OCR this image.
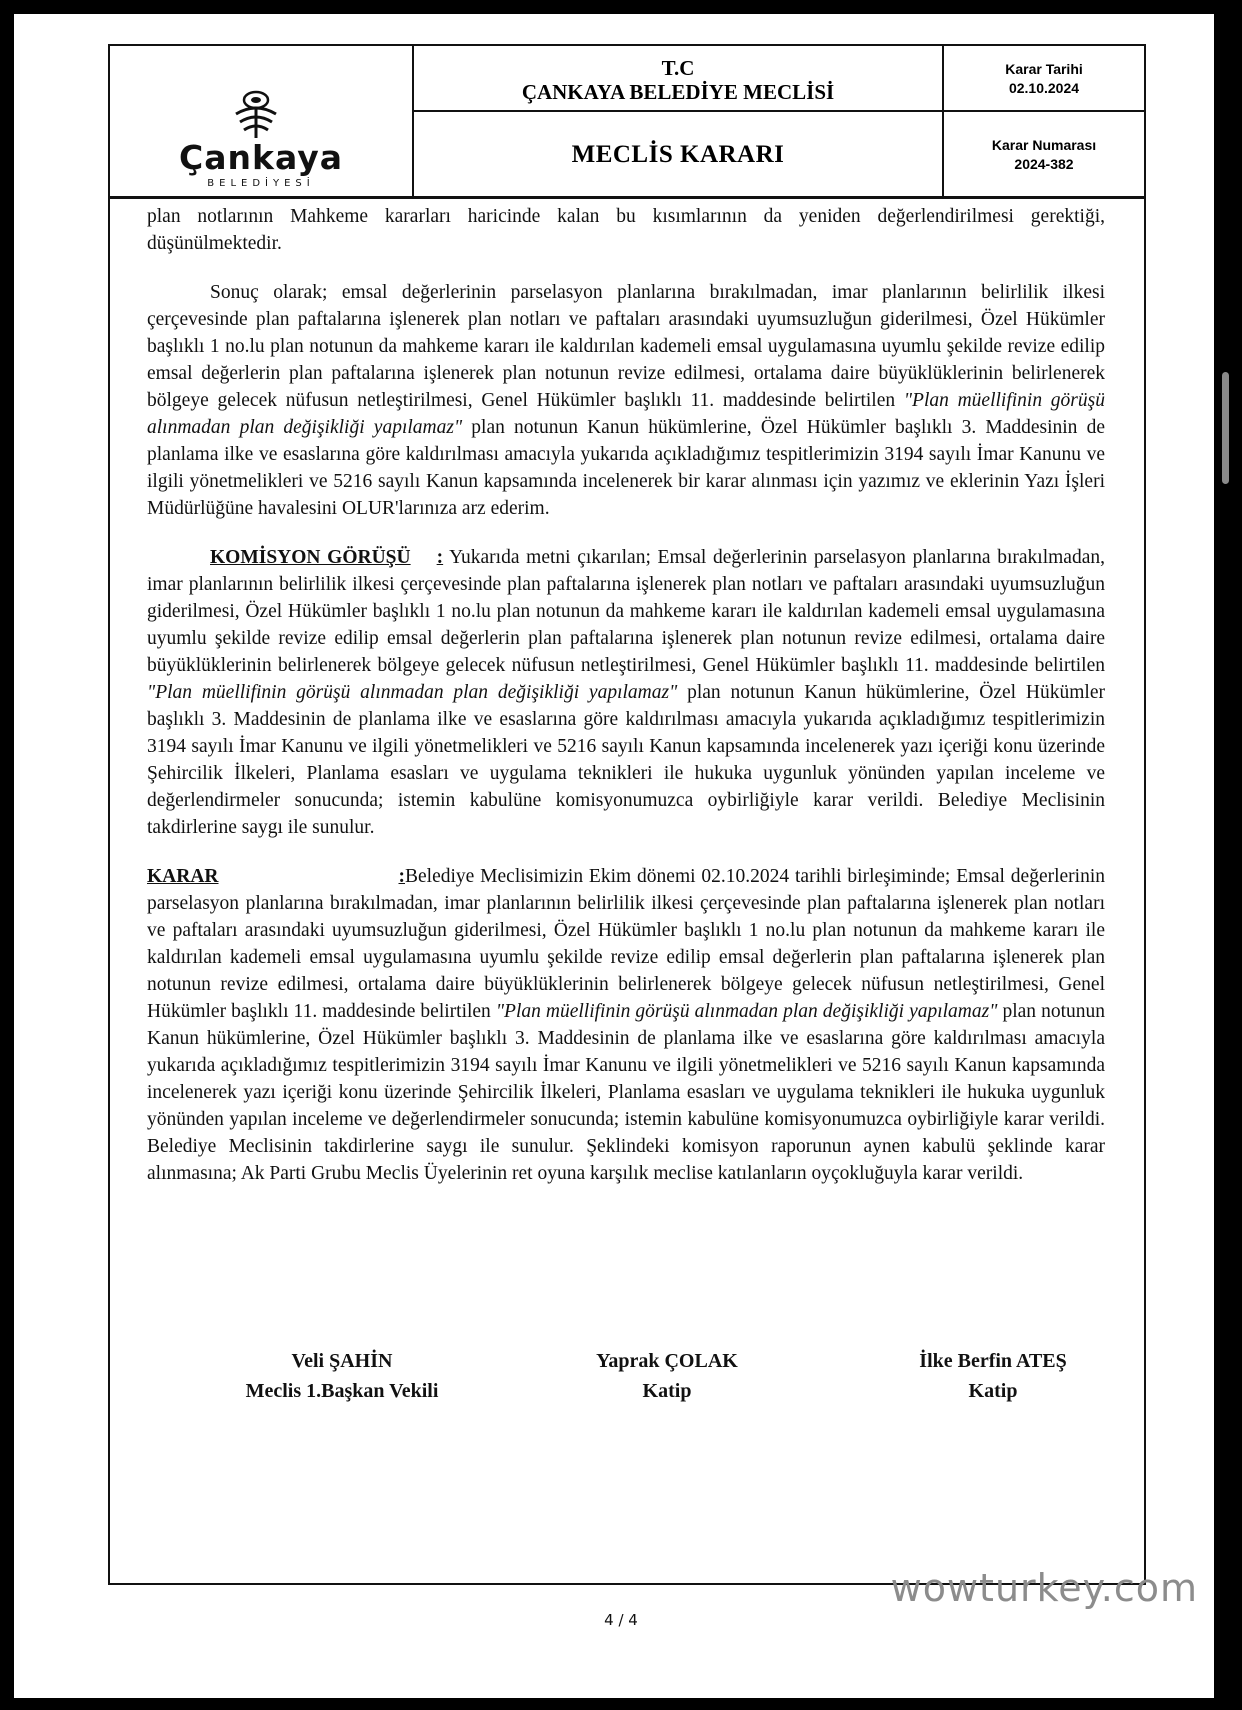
Çankaya
BELEDİYESİ
T.C
ÇANKAYA BELEDİYE MECLİSİ
MECLİS KARARI
Karar Tarihi
02.10.2024
Karar Numarası
2024-382

plan notlarının Mahkeme kararları haricinde kalan bu kısımlarının da yeniden değerlendirilmesi gerektiği, düşünülmektedir.

Sonuç olarak; emsal değerlerinin parselasyon planlarına bırakılmadan, imar planlarının belirlilik ilkesi çerçevesinde plan paftalarına işlenerek plan notları ve paftaları arasındaki uyumsuzluğun giderilmesi, Özel Hükümler başlıklı 1 no.lu plan notunun da mahkeme kararı ile kaldırılan kademeli emsal uygulamasına uyumlu şekilde revize edilip emsal değerlerin plan paftalarına işlenerek plan notunun revize edilmesi, ortalama daire büyüklüklerinin belirlenerek bölgeye gelecek nüfusun netleştirilmesi, Genel Hükümler başlıklı 11. maddesinde belirtilen "Plan müellifinin görüşü alınmadan plan değişikliği yapılamaz" plan notunun Kanun hükümlerine, Özel Hükümler başlıklı 3. Maddesinin de planlama ilke ve esaslarına göre kaldırılması amacıyla yukarıda açıkladığımız tespitlerimizin 3194 sayılı İmar Kanunu ve ilgili yönetmelikleri ve 5216 sayılı Kanun kapsamında incelenerek bir karar alınması için yazımız ve eklerinin Yazı İşleri Müdürlüğüne havalesini OLUR'larınıza arz ederim.

KOMİSYON GÖRÜŞÜ : Yukarıda metni çıkarılan; Emsal değerlerinin parselasyon planlarına bırakılmadan, imar planlarının belirlilik ilkesi çerçevesinde plan paftalarına işlenerek plan notları ve paftaları arasındaki uyumsuzluğun giderilmesi, Özel Hükümler başlıklı 1 no.lu plan notunun da mahkeme kararı ile kaldırılan kademeli emsal uygulamasına uyumlu şekilde revize edilip emsal değerlerin plan paftalarına işlenerek plan notunun revize edilmesi, ortalama daire büyüklüklerinin belirlenerek bölgeye gelecek nüfusun netleştirilmesi, Genel Hükümler başlıklı 11. maddesinde belirtilen "Plan müellifinin görüşü alınmadan plan değişikliği yapılamaz" plan notunun Kanun hükümlerine, Özel Hükümler başlıklı 3. Maddesinin de planlama ilke ve esaslarına göre kaldırılması amacıyla yukarıda açıkladığımız tespitlerimizin 3194 sayılı İmar Kanunu ve ilgili yönetmelikleri ve 5216 sayılı Kanun kapsamında incelenerek yazı içeriği konu üzerinde Şehircilik İlkeleri, Planlama esasları ve uygulama teknikleri ile hukuka uygunluk yönünden yapılan inceleme ve değerlendirmeler sonucunda; istemin kabulüne komisyonumuzca oybirliğiyle karar verildi. Belediye Meclisinin takdirlerine saygı ile sunulur.

KARAR	:Belediye Meclisimizin Ekim dönemi 02.10.2024 tarihli birleşiminde; Emsal değerlerinin parselasyon planlarına bırakılmadan, imar planlarının belirlilik ilkesi çerçevesinde plan paftalarına işlenerek plan notları ve paftaları arasındaki uyumsuzluğun giderilmesi, Özel Hükümler başlıklı 1 no.lu plan notunun da mahkeme kararı ile kaldırılan kademeli emsal uygulamasına uyumlu şekilde revize edilip emsal değerlerin plan paftalarına işlenerek plan notunun revize edilmesi, ortalama daire büyüklüklerinin belirlenerek bölgeye gelecek nüfusun netleştirilmesi, Genel Hükümler başlıklı 11. maddesinde belirtilen "Plan müellifinin görüşü alınmadan plan değişikliği yapılamaz" plan notunun Kanun hükümlerine, Özel Hükümler başlıklı 3. Maddesinin de planlama ilke ve esaslarına göre kaldırılması amacıyla yukarıda açıkladığımız tespitlerimizin 3194 sayılı İmar Kanunu ve ilgili yönetmelikleri ve 5216 sayılı Kanun kapsamında incelenerek yazı içeriği konu üzerinde Şehircilik İlkeleri, Planlama esasları ve uygulama teknikleri ile hukuka uygunluk yönünden yapılan inceleme ve değerlendirmeler sonucunda; istemin kabulüne komisyonumuzca oybirliğiyle karar verildi. Belediye Meclisinin takdirlerine saygı ile sunulur. Şeklindeki komisyon raporunun aynen kabulü şeklinde karar alınmasına; Ak Parti Grubu Meclis Üyelerinin ret oyuna karşılık meclise katılanların oyçokluğuyla karar verildi.

Veli ŞAHİN
Meclis 1.Başkan Vekili
Yaprak ÇOLAK
Katip
İlke Berfin ATEŞ
Katip
wowturkey.com
4 / 4
